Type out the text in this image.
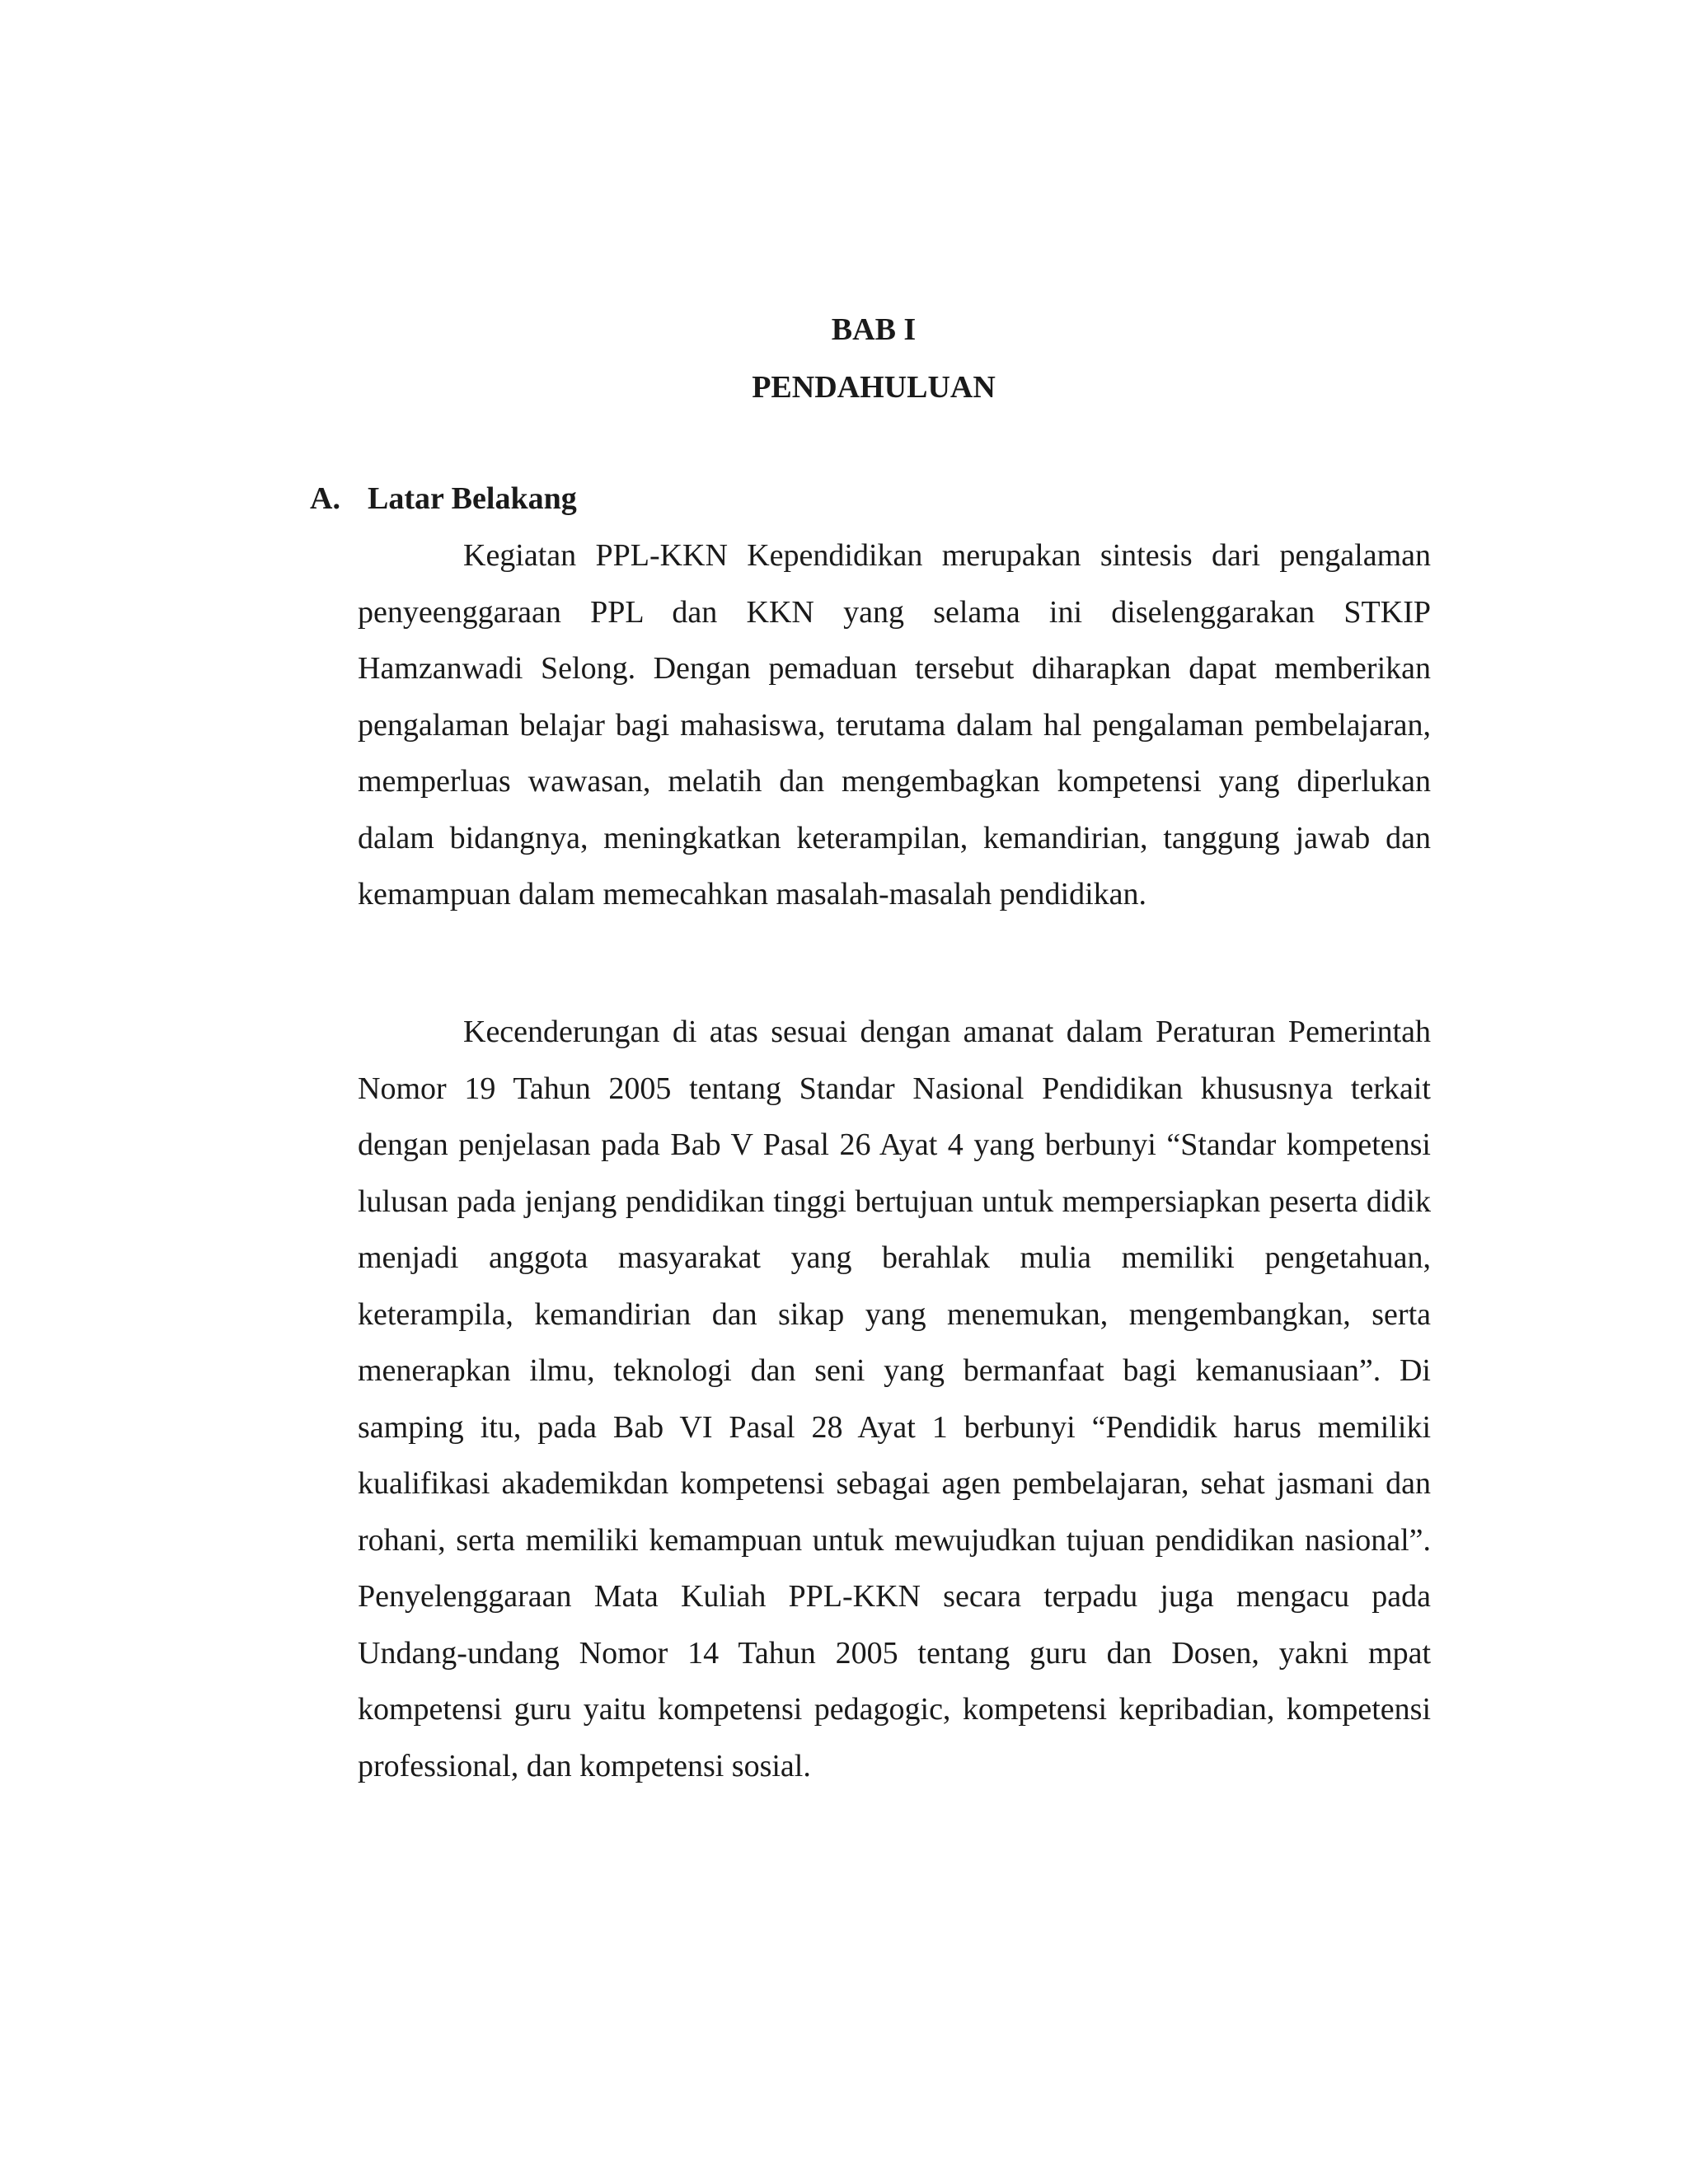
BAB I
PENDAHULUAN
A. Latar Belakang

Kegiatan PPL-KKN Kependidikan merupakan sintesis dari pengalaman penyeenggaraan PPL dan KKN yang selama ini diselenggarakan STKIP Hamzanwadi Selong. Dengan pemaduan tersebut diharapkan dapat memberikan pengalaman belajar bagi mahasiswa, terutama dalam hal pengalaman pembelajaran, memperluas wawasan, melatih dan mengembagkan kompetensi yang diperlukan dalam bidangnya, meningkatkan keterampilan, kemandirian, tanggung jawab dan kemampuan dalam memecahkan masalah-masalah pendidikan.

Kecenderungan di atas sesuai dengan amanat dalam Peraturan Pemerintah Nomor 19 Tahun 2005 tentang Standar Nasional Pendidikan khususnya terkait dengan penjelasan pada Bab V Pasal 26 Ayat 4 yang berbunyi “Standar kompetensi lulusan pada jenjang pendidikan tinggi bertujuan untuk mempersiapkan peserta didik menjadi anggota masyarakat yang berahlak mulia memiliki pengetahuan, keterampila, kemandirian dan sikap yang menemukan, mengembangkan, serta menerapkan ilmu, teknologi dan seni yang bermanfaat bagi kemanusiaan”. Di samping itu, pada Bab VI Pasal 28 Ayat 1 berbunyi “Pendidik harus memiliki kualifikasi akademikdan kompetensi sebagai agen pembelajaran, sehat jasmani dan rohani, serta memiliki kemampuan untuk mewujudkan tujuan pendidikan nasional”. Penyelenggaraan Mata Kuliah PPL-KKN secara terpadu juga mengacu pada Undang-undang Nomor 14 Tahun 2005 tentang guru dan Dosen, yakni mpat kompetensi guru yaitu kompetensi pedagogic, kompetensi kepribadian, kompetensi professional, dan kompetensi sosial.
